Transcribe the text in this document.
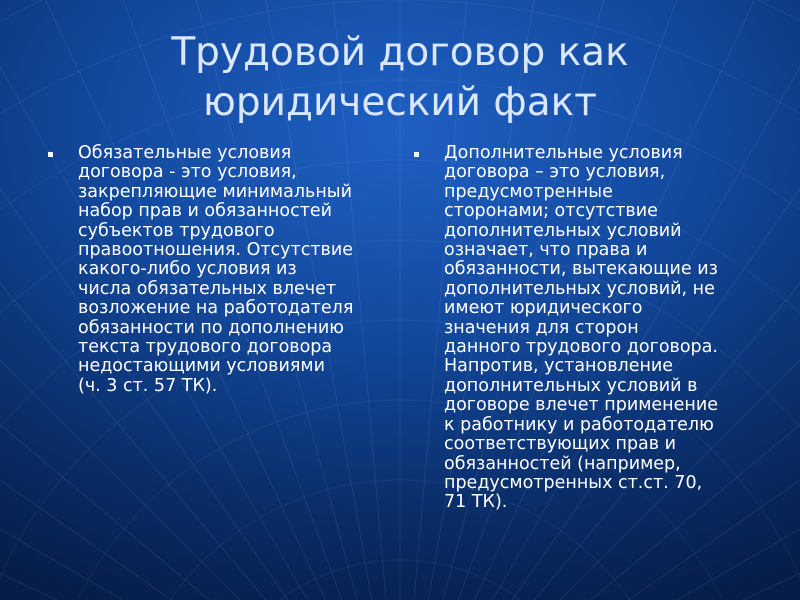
Трудовой договор как
юридический факт
Обязательные условия
договора - это условия,
закрепляющие минимальный
набор прав и обязанностей
субъектов трудового
правоотношения. Отсутствие
какого-либо условия из
числа обязательных влечет
возложение на работодателя
обязанности по дополнению
текста трудового договора
недостающими условиями
(ч. 3 ст. 57 ТК).
Дополнительные условия
договора – это условия,
предусмотренные
сторонами; отсутствие
дополнительных условий
означает, что права и
обязанности, вытекающие из
дополнительных условий, не
имеют юридического
значения для сторон
данного трудового договора.
Напротив, установление
дополнительных условий в
договоре влечет применение
к работнику и работодателю
соответствующих прав и
обязанностей (например,
предусмотренных ст.ст. 70,
71 ТК).
